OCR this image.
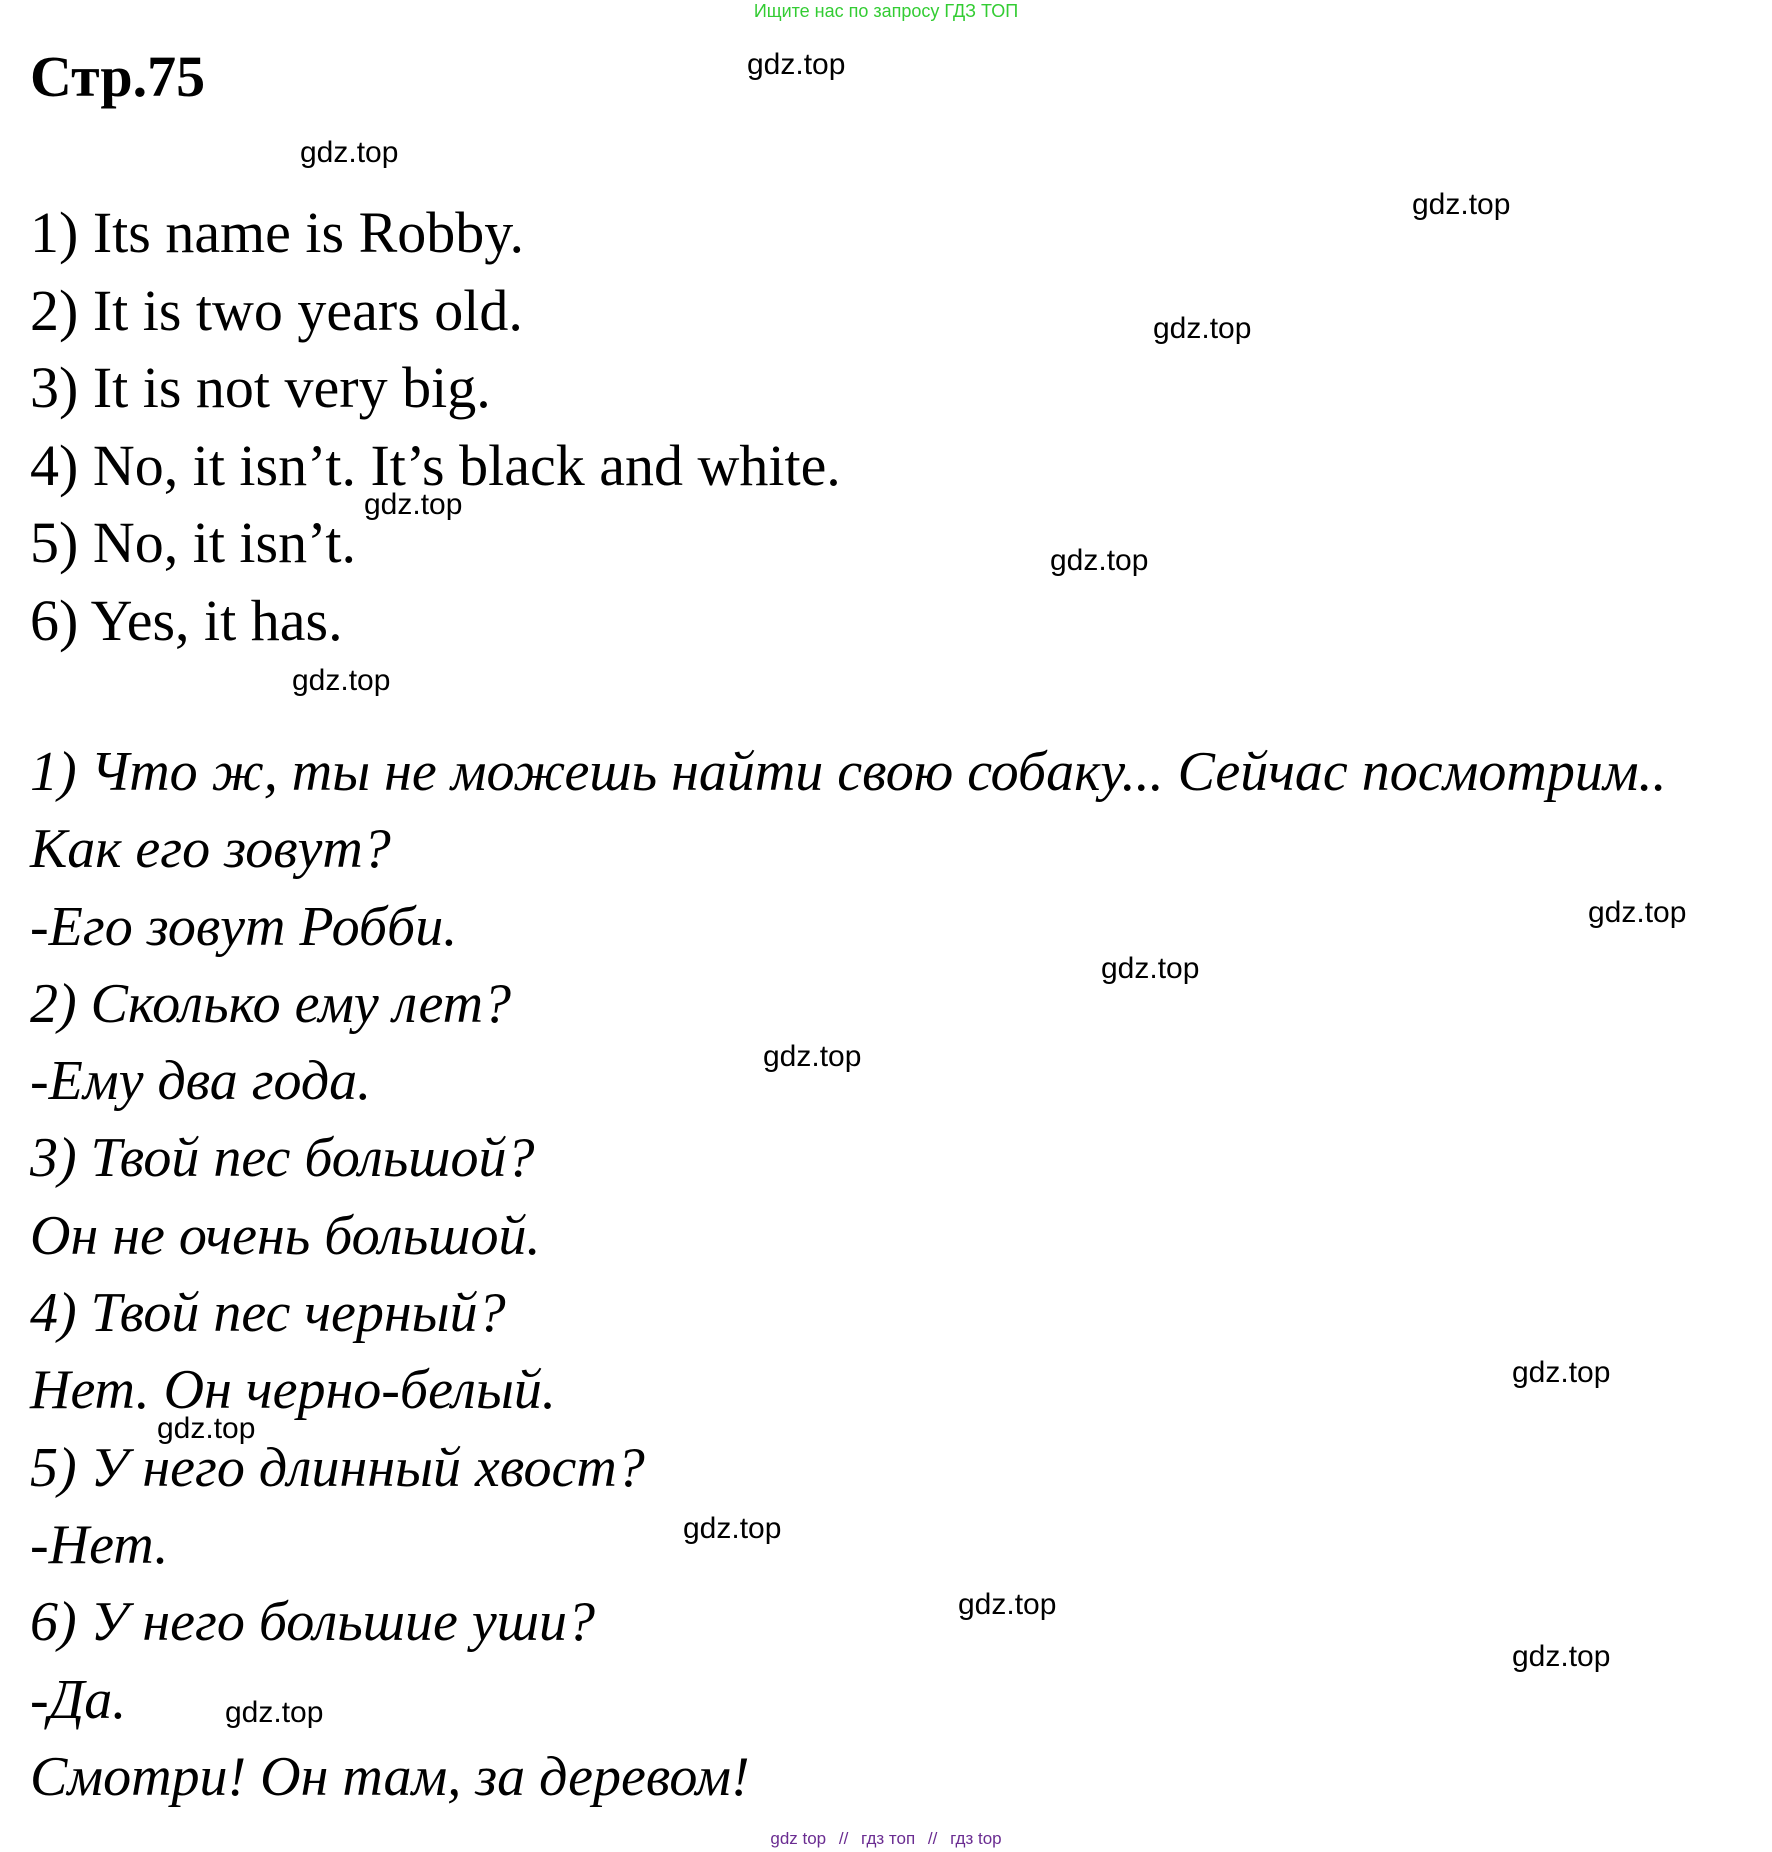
Ищите нас по запросу ГДЗ ТОП
Стр.75
1) Its name is Robby.
2) It is two years old.
3) It is not very big.
4) No, it isn’t. It’s black and white.
5) No, it isn’t.
6) Yes, it has.
1) Что ж, ты не можешь найти свою собаку... Сейчас посмотрим..
Как его зовут?
-Его зовут Робби.
2) Сколько ему лет?
-Ему два года.
3) Твой пес большой?
Он не очень большой.
4) Твой пес черный?
Нет. Он черно-белый.
5) У него длинный хвост?
-Нет.
6) У него большие уши?
-Да.
Смотри! Он там, за деревом!
gdz.top
gdz.top
gdz.top
gdz.top
gdz.top
gdz.top
gdz.top
gdz.top
gdz.top
gdz.top
gdz.top
gdz.top
gdz.top
gdz.top
gdz.top
gdz.top
gdz top // гдз топ // гдз top
